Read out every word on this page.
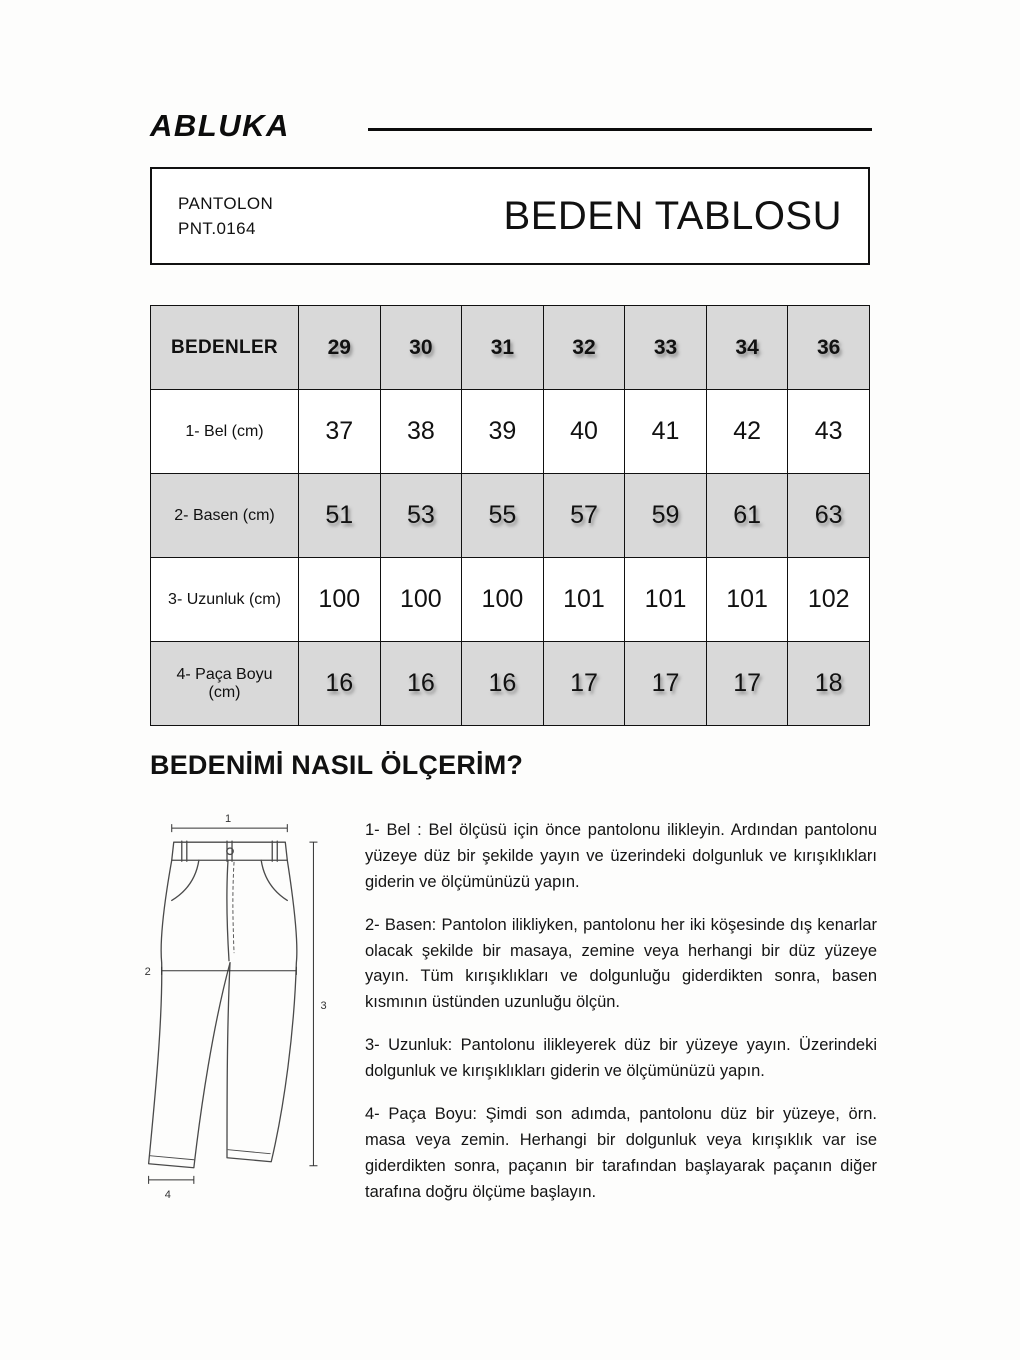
ABLUKA
PANTOLON
PNT.0164	BEDEN TABLOSU
BEDENLER	29	30	31	32	33	34	36
1- Bel (cm)	37	38	39	40	41	42	43
2- Basen (cm)	51	53	55	57	59	61	63
3- Uzunluk (cm)	100	100	100	101	101	101	102
4- Paça Boyu (cm)	16	16	16	17	17	17	18
BEDENİMİ NASIL ÖLÇERİM?
1
2
3
4

1- Bel : Bel ölçüsü için önce pantolonu ilikleyin. Ardından pantolonu yüzeye düz bir şekilde yayın ve üzerindeki dolgunluk ve kırışıklıkları giderin ve ölçümünüzü yapın.

2- Basen: Pantolon ilikliyken, pantolonu her iki köşesinde dış kenarlar olacak şekilde bir masaya, zemine veya herhangi bir düz yüzeye yayın. Tüm kırışıklıkları ve dolgunluğu giderdikten sonra, basen kısmının üstünden uzunluğu ölçün.

3- Uzunluk: Pantolonu ilikleyerek düz bir yüzeye yayın. Üzerindeki dolgunluk ve kırışıklıkları giderin ve ölçümünüzü yapın.

4- Paça Boyu: Şimdi son adımda, pantolonu düz bir yüzeye, örn. masa veya zemin. Herhangi bir dolgunluk veya kırışıklık var ise giderdikten sonra, paçanın bir tarafından başlayarak paçanın diğer tarafına doğru ölçüme başlayın.
